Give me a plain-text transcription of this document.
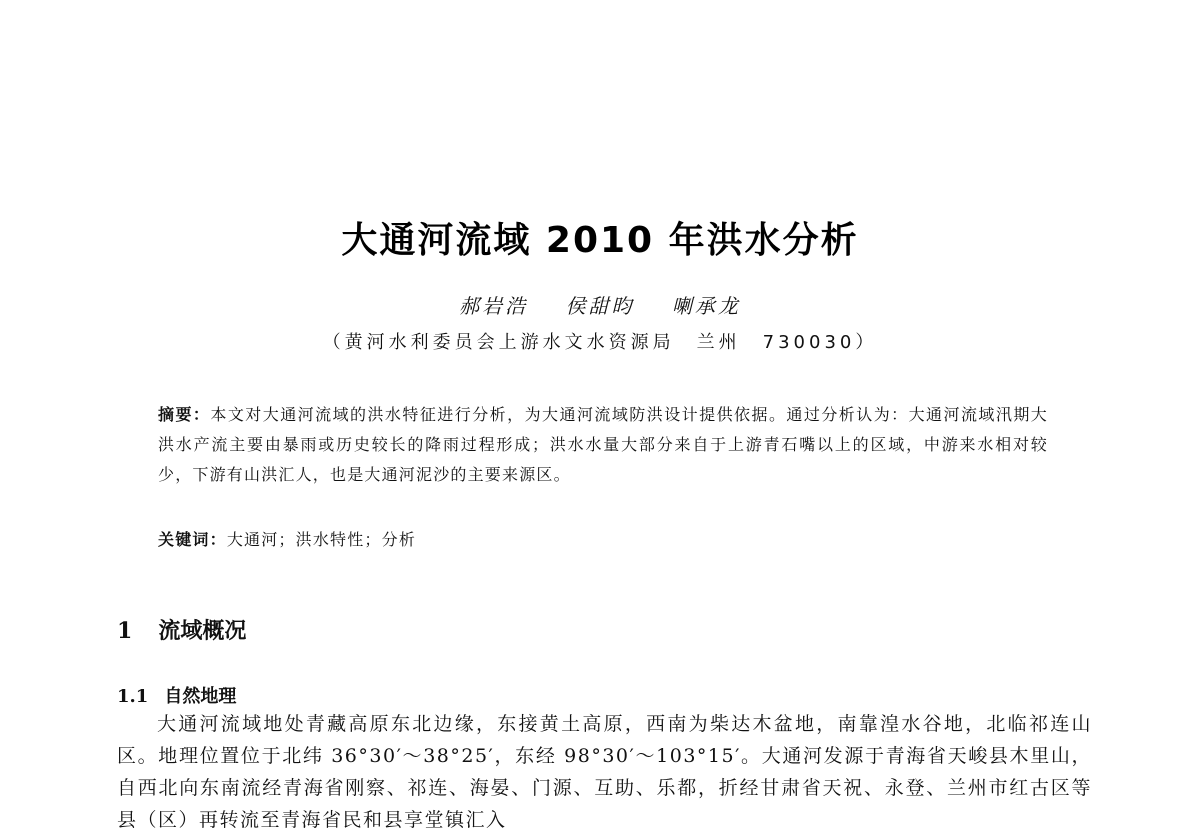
大通河流域 2010 年洪水分析
郝岩浩 侯甜昀 喇承龙
（黄河水利委员会上游水文水资源局　兰州　730030）
摘要：本文对大通河流域的洪水特征进行分析，为大通河流域防洪设计提供依据。通过分析认为：大通河流域汛期大洪水产流主要由暴雨或历史较长的降雨过程形成；洪水水量大部分来自于上游青石嘴以上的区域，中游来水相对较少，下游有山洪汇人，也是大通河泥沙的主要来源区。
关键词：大通河；洪水特性；分析
1 流域概况
1.1 自然地理
大通河流域地处青藏高原东北边缘，东接黄土高原，西南为柴达木盆地，南靠湟水谷地，北临祁连山区。地理位置位于北纬 36°30′～38°25′，东经 98°30′～103°15′。大通河发源于青海省天峻县木里山，自西北向东南流经青海省刚察、祁连、海晏、门源、互助、乐都，折经甘肃省天祝、永登、兰州市红古区等县（区）再转流至青海省民和县享堂镇汇入
